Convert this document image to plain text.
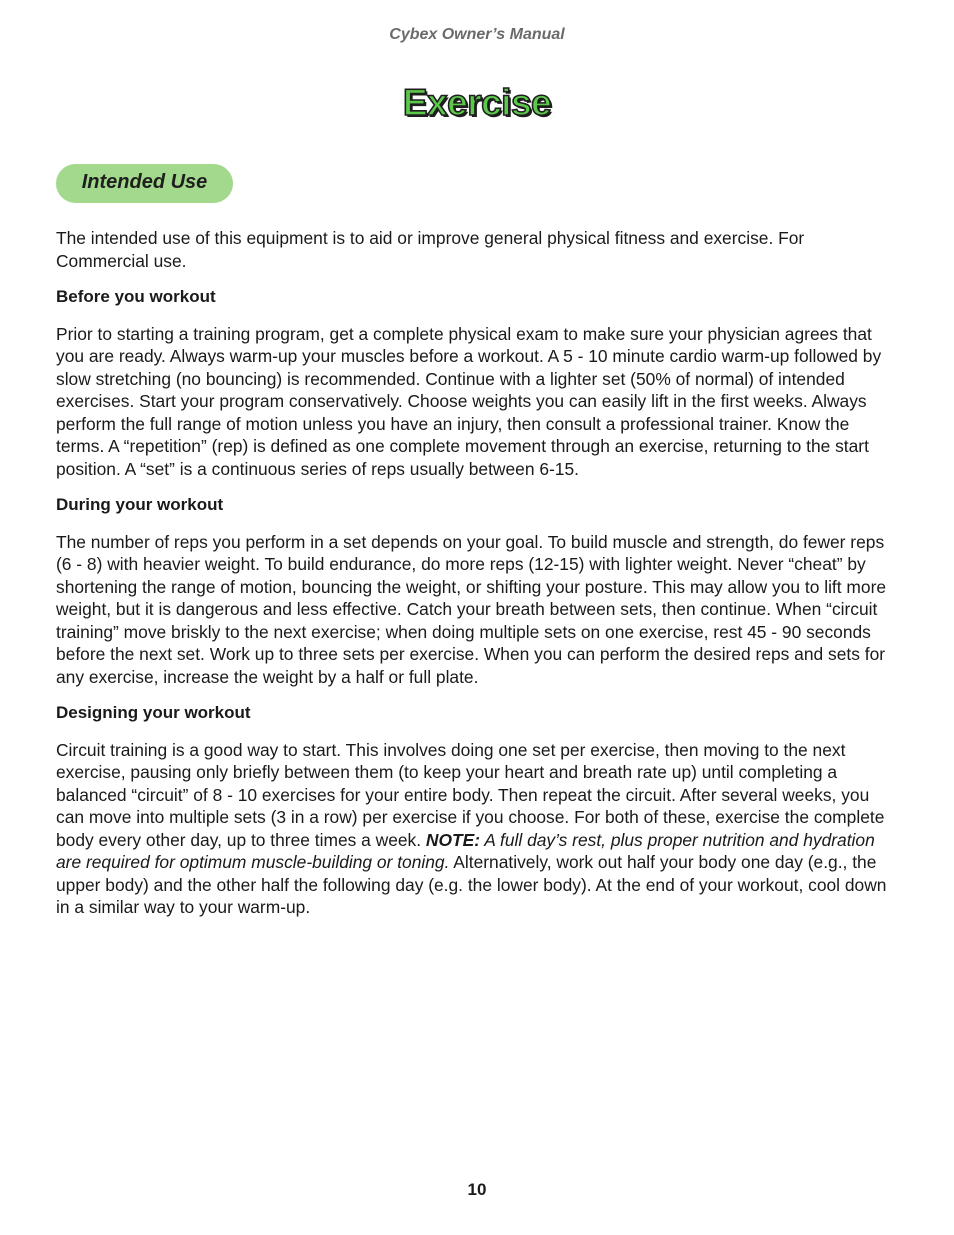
Cybex Owner’s Manual
Exercise
Intended Use

The intended use of this equipment is to aid or improve general physical fitness and exercise. For Commercial use.

Before you workout

Prior to starting a training program, get a complete physical exam to make sure your physician agrees that you are ready. Always warm-up your muscles before a workout. A 5 - 10 minute cardio warm-up followed by slow stretching (no bouncing) is recommended. Continue with a lighter set (50% of normal) of intended exercises. Start your program conservatively. Choose weights you can easily lift in the first weeks. Always perform the full range of motion unless you have an injury, then consult a professional trainer. Know the terms. A “repetition” (rep) is defined as one complete movement through an exercise, returning to the start position. A “set” is a continuous series of reps usually between 6-15.

During your workout

The number of reps you perform in a set depends on your goal. To build muscle and strength, do fewer reps (6 - 8) with heavier weight. To build endurance, do more reps (12-15) with lighter weight. Never “cheat” by shortening the range of motion, bouncing the weight, or shifting your posture. This may allow you to lift more weight, but it is dangerous and less effective. Catch your breath between sets, then continue. When “circuit training” move briskly to the next exercise; when doing multiple sets on one exercise, rest 45 - 90 seconds before the next set. Work up to three sets per exercise. When you can perform the desired reps and sets for any exercise, increase the weight by a half or full plate.

Designing your workout

Circuit training is a good way to start. This involves doing one set per exercise, then moving to the next exercise, pausing only briefly between them (to keep your heart and breath rate up) until completing a balanced “circuit” of 8 - 10 exercises for your entire body. Then repeat the circuit. After several weeks, you can move into multiple sets (3 in a row) per exercise if you choose. For both of these, exercise the complete body every other day, up to three times a week. NOTE: A full day’s rest, plus proper nutrition and hydration are required for optimum muscle-building or toning. Alternatively, work out half your body one day (e.g., the upper body) and the other half the following day (e.g. the lower body). At the end of your workout, cool down in a similar way to your warm-up.

10
